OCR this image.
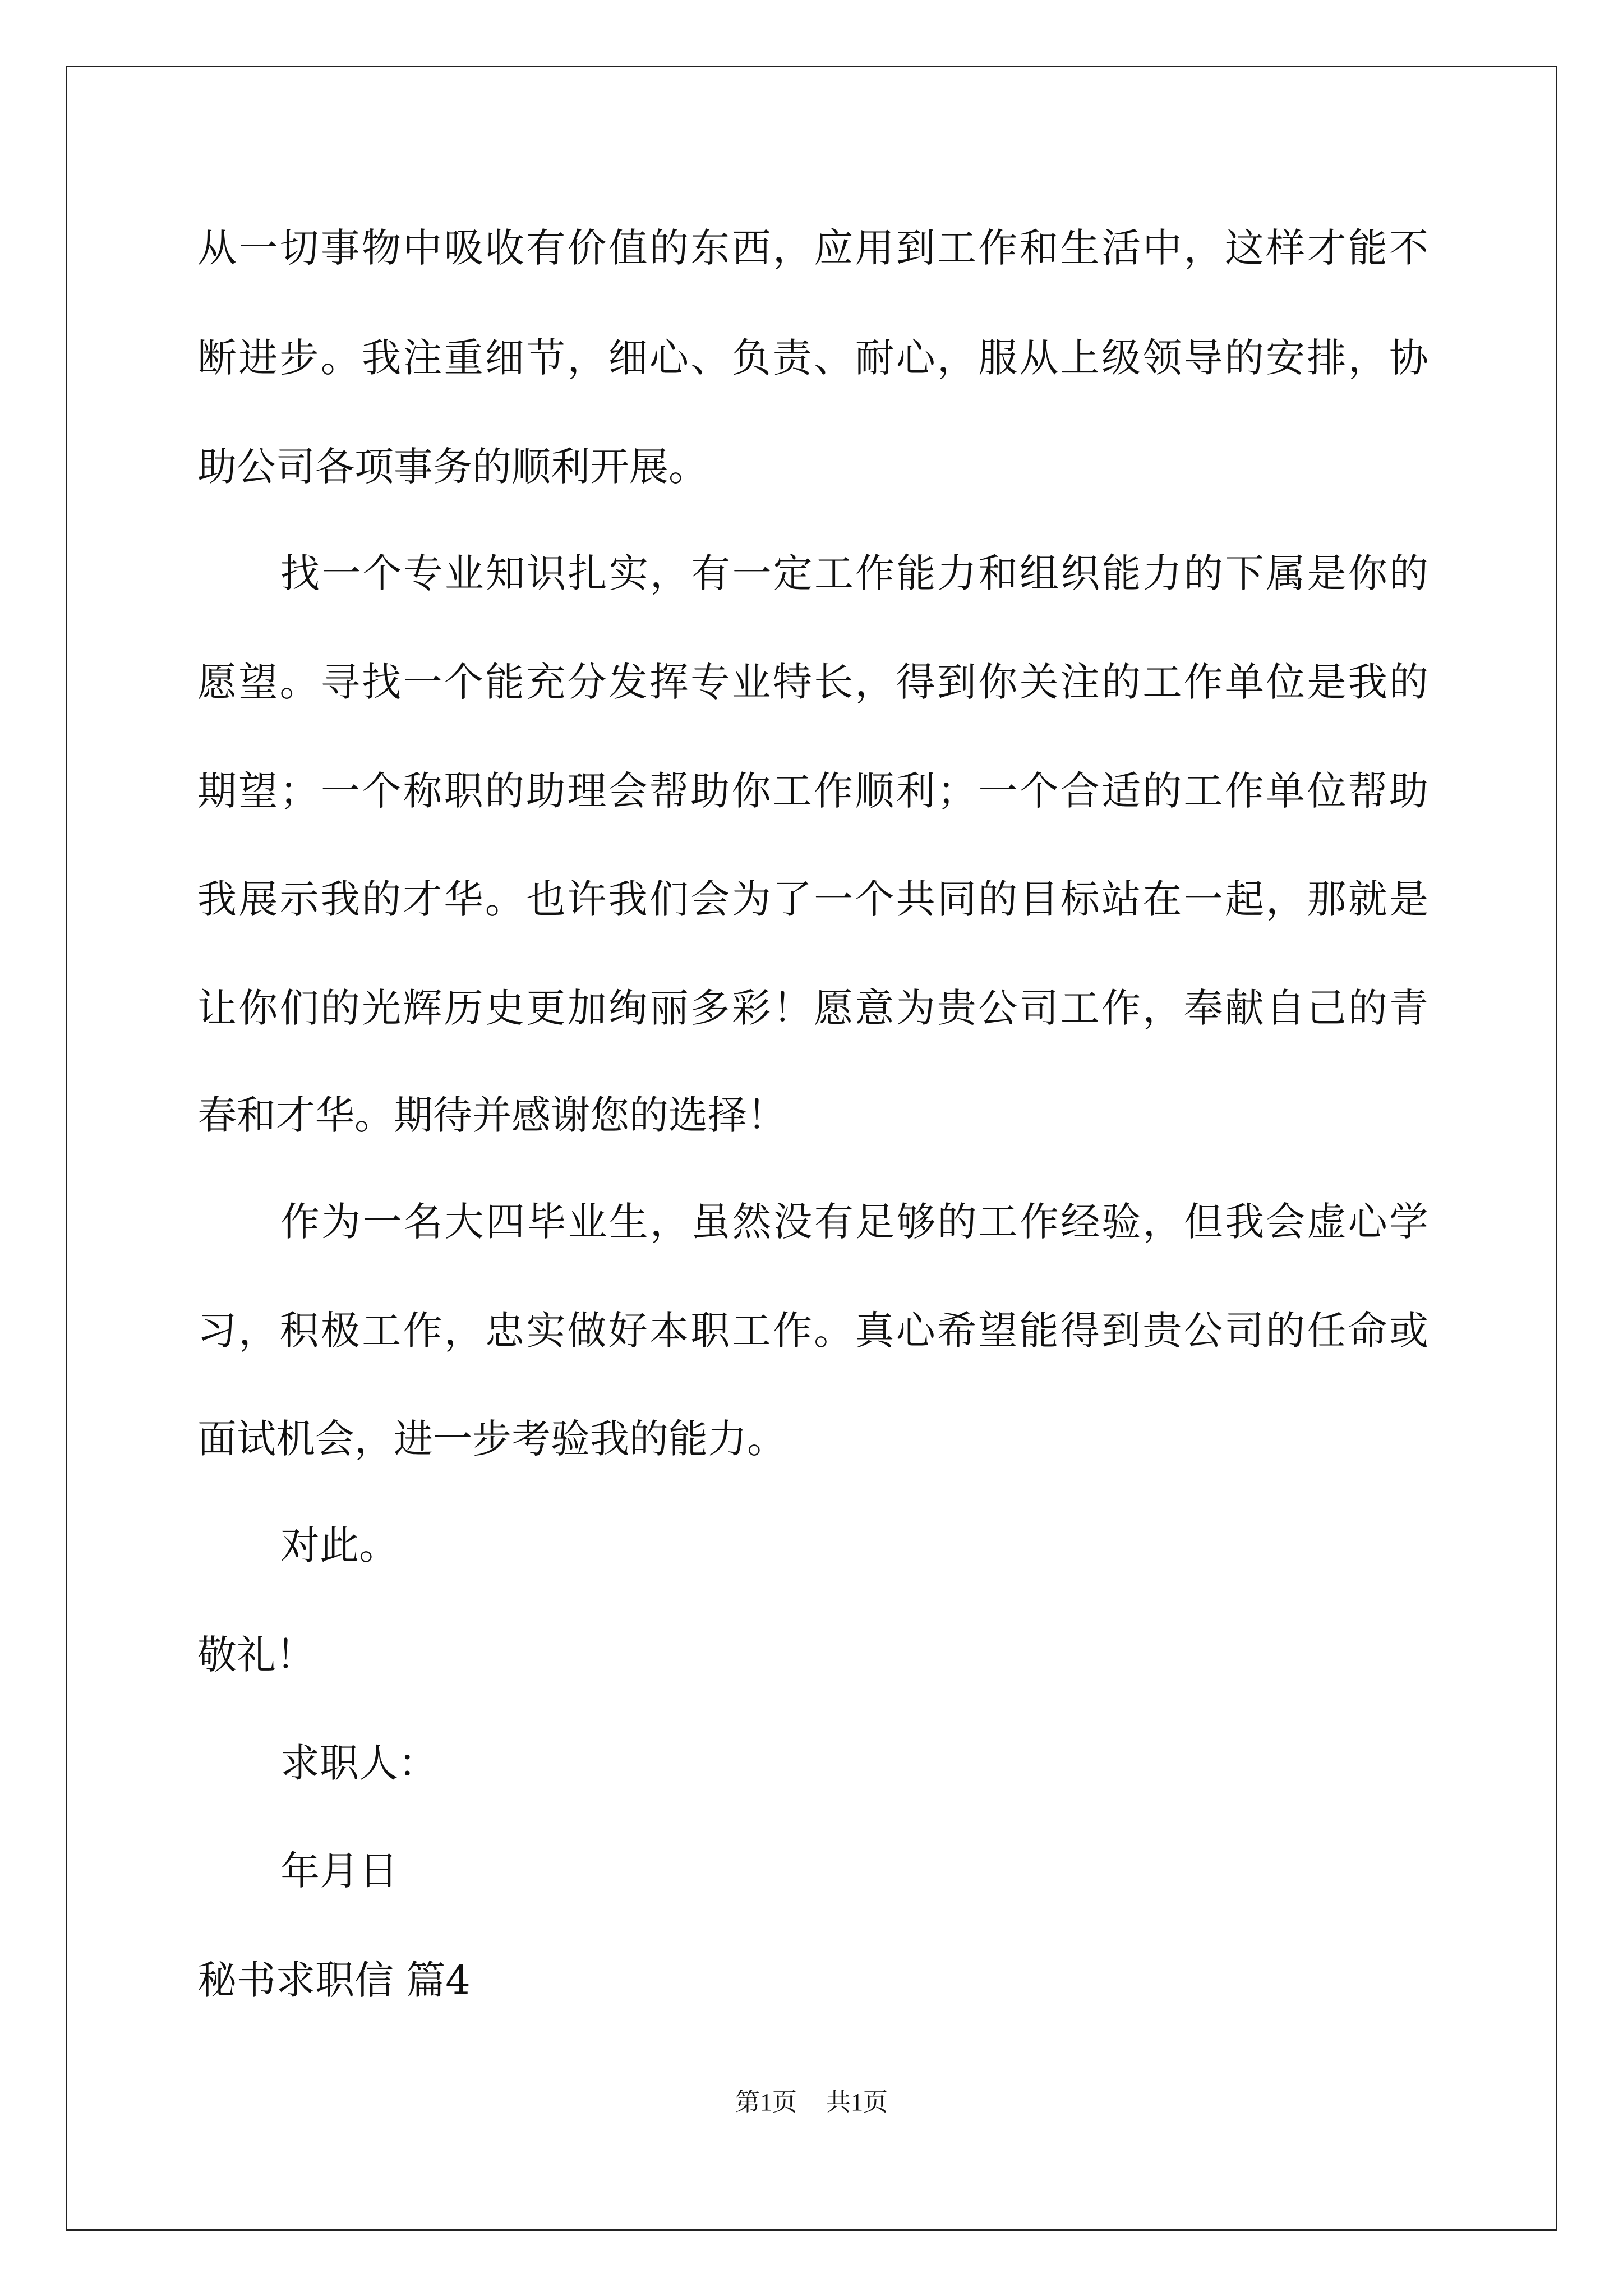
从一切事物中吸收有价值的东西，应用到工作和生活中，这样才能不
断进步。我注重细节，细心、负责、耐心，服从上级领导的安排，协
助公司各项事务的顺利开展。
找一个专业知识扎实，有一定工作能力和组织能力的下属是你的
愿望。寻找一个能充分发挥专业特长，得到你关注的工作单位是我的
期望；一个称职的助理会帮助你工作顺利；一个合适的工作单位帮助
我展示我的才华。也许我们会为了一个共同的目标站在一起，那就是
让你们的光辉历史更加绚丽多彩！愿意为贵公司工作，奉献自己的青
春和才华。期待并感谢您的选择！
作为一名大四毕业生，虽然没有足够的工作经验，但我会虚心学
习，积极工作，忠实做好本职工作。真心希望能得到贵公司的任命或
面试机会，进一步考验我的能力。
对此。
敬礼！
求职人：
年月日
秘书求职信 篇4
第1页 共1页
